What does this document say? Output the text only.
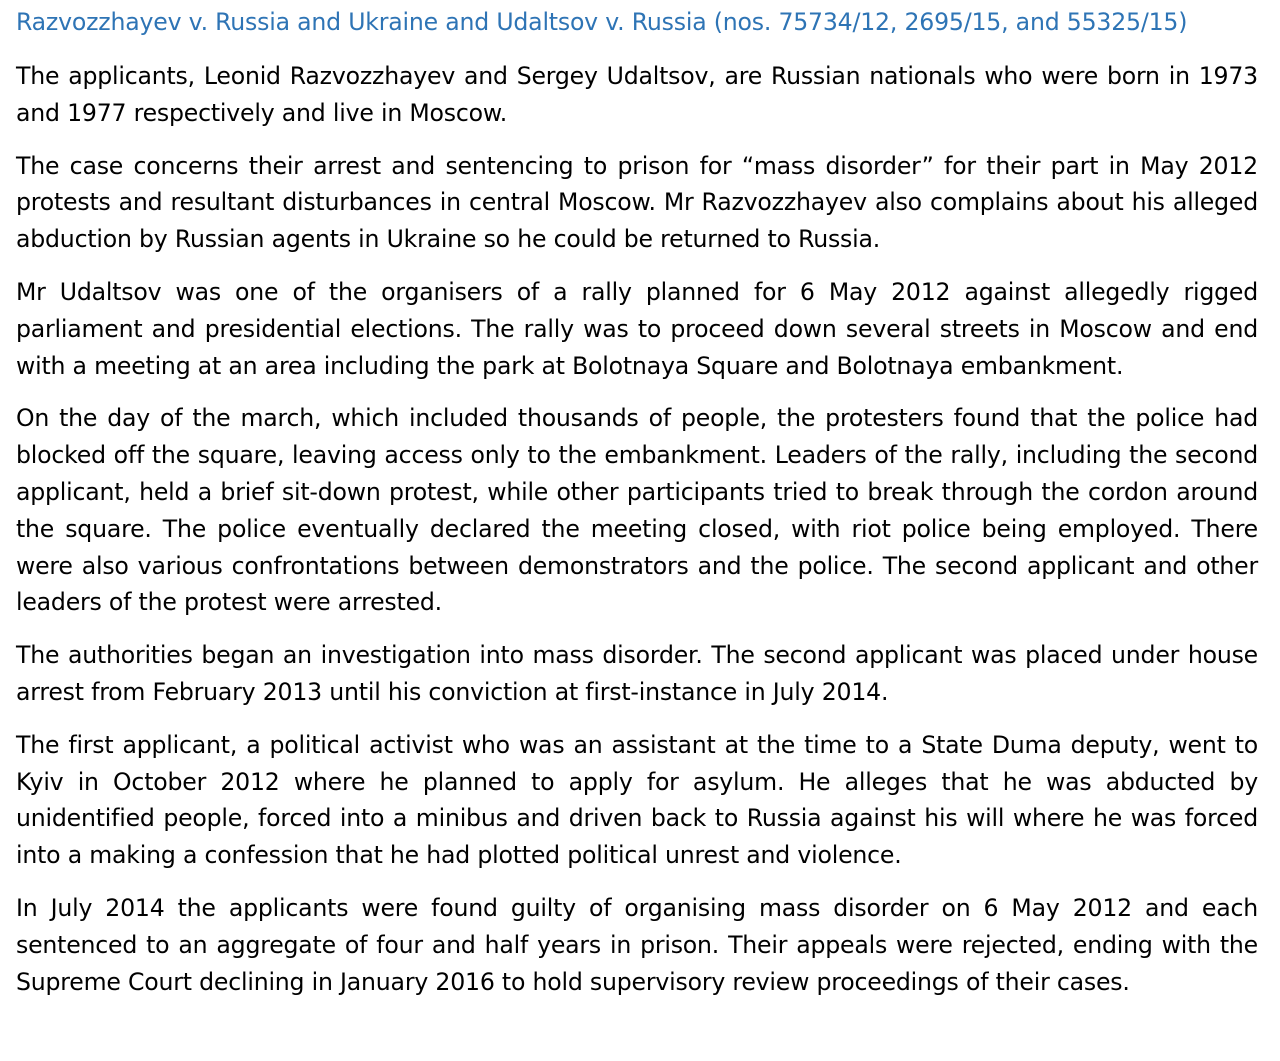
Razvozzhayev v. Russia and Ukraine and Udaltsov v. Russia (nos. 75734/12, 2695/15, and 55325/15)

The applicants, Leonid Razvozzhayev and Sergey Udaltsov, are Russian nationals who were born in 1973 and 1977 respectively and live in Moscow.

The case concerns their arrest and sentencing to prison for “mass disorder” for their part in May 2012 protests and resultant disturbances in central Moscow. Mr Razvozzhayev also complains about his alleged abduction by Russian agents in Ukraine so he could be returned to Russia.

Mr Udaltsov was one of the organisers of a rally planned for 6 May 2012 against allegedly rigged parliament and presidential elections. The rally was to proceed down several streets in Moscow and end with a meeting at an area including the park at Bolotnaya Square and Bolotnaya embankment.

On the day of the march, which included thousands of people, the protesters found that the police had blocked off the square, leaving access only to the embankment. Leaders of the rally, including the second applicant, held a brief sit-down protest, while other participants tried to break through the cordon around the square. The police eventually declared the meeting closed, with riot police being employed. There were also various confrontations between demonstrators and the police. The second applicant and other leaders of the protest were arrested.

The authorities began an investigation into mass disorder. The second applicant was placed under house arrest from February 2013 until his conviction at first-instance in July 2014.

The first applicant, a political activist who was an assistant at the time to a State Duma deputy, went to Kyiv in October 2012 where he planned to apply for asylum. He alleges that he was abducted by unidentified people, forced into a minibus and driven back to Russia against his will where he was forced into a making a confession that he had plotted political unrest and violence.

In July 2014 the applicants were found guilty of organising mass disorder on 6 May 2012 and each sentenced to an aggregate of four and half years in prison. Their appeals were rejected, ending with the Supreme Court declining in January 2016 to hold supervisory review proceedings of their cases.
